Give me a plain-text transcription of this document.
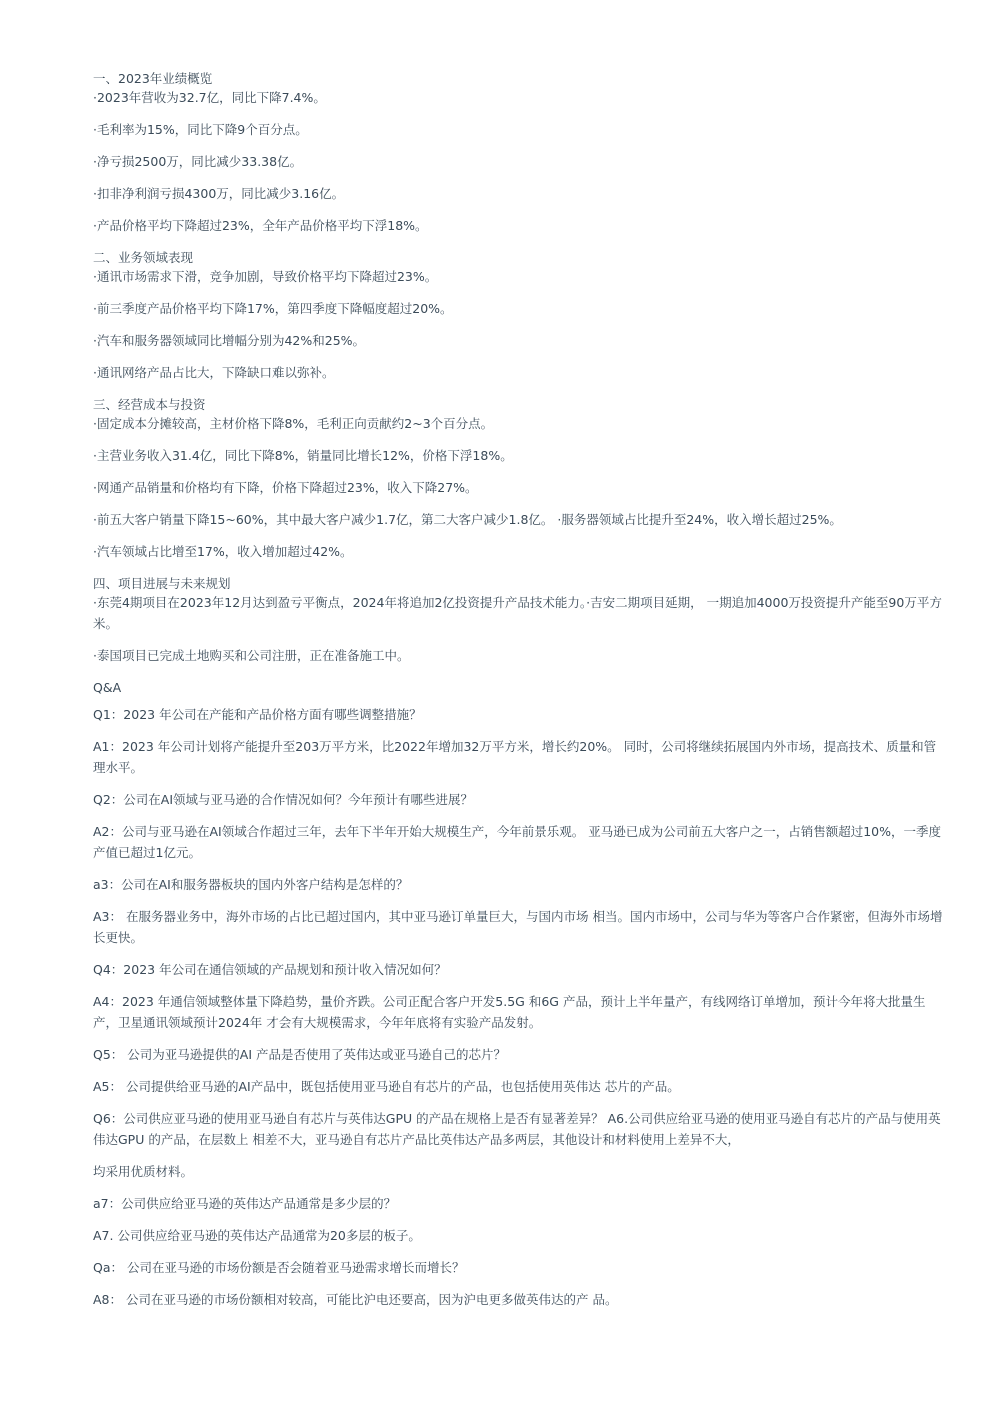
一、2023年业绩概览
·2023年营收为32.7亿，同比下降7.4%。
·毛利率为15%，同比下降9个百分点。
·净亏损2500万，同比减少33.38亿。
·扣非净利润亏损4300万，同比减少3.16亿。
·产品价格平均下降超过23%，全年产品价格平均下浮18%。
二、业务领域表现
·通讯市场需求下滑，竞争加剧，导致价格平均下降超过23%。
·前三季度产品价格平均下降17%，第四季度下降幅度超过20%。
·汽车和服务器领域同比增幅分别为42%和25%。
·通讯网络产品占比大，下降缺口难以弥补。
三、经营成本与投资
·固定成本分摊较高，主材价格下降8%，毛利正向贡献约2~3个百分点。
·主营业务收入31.4亿，同比下降8%，销量同比增长12%，价格下浮18%。
·网通产品销量和价格均有下降，价格下降超过23%，收入下降27%。
·前五大客户销量下降15~60%，其中最大客户减少1.7亿，第二大客户减少1.8亿。 ·服务器领域占比提升至24%，收入增长超过25%。
·汽车领域占比增至17%，收入增加超过42%。
四、项目进展与未来规划
·东莞4期项目在2023年12月达到盈亏平衡点，2024年将追加2亿投资提升产品技术能力。·吉安二期项目延期， 一期追加4000万投资提升产能至90万平方米。
·泰国项目已完成土地购买和公司注册，正在准备施工中。
Q&A
Q1：2023 年公司在产能和产品价格方面有哪些调整措施？
A1：2023 年公司计划将产能提升至203万平方米，比2022年增加32万平方米，增长约20%。 同时，公司将继续拓展国内外市场，提高技术、质量和管理水平。
Q2：公司在AI领域与亚马逊的合作情况如何？今年预计有哪些进展？
A2：公司与亚马逊在AI领域合作超过三年，去年下半年开始大规模生产，今年前景乐观。 亚马逊已成为公司前五大客户之一，占销售额超过10%，一季度产值已超过1亿元。
a3：公司在AI和服务器板块的国内外客户结构是怎样的？
A3： 在服务器业务中，海外市场的占比已超过国内，其中亚马逊订单量巨大，与国内市场 相当。国内市场中，公司与华为等客户合作紧密，但海外市场增长更快。
Q4：2023 年公司在通信领域的产品规划和预计收入情况如何？
A4：2023 年通信领域整体量下降趋势，量价齐跌。公司正配合客户开发5.5G 和6G 产品，预计上半年量产，有线网络订单增加，预计今年将大批量生产，卫星通讯领域预计2024年 才会有大规模需求，今年年底将有实验产品发射。
Q5： 公司为亚马逊提供的AI 产品是否使用了英伟达或亚马逊自己的芯片？
A5： 公司提供给亚马逊的AI产品中，既包括使用亚马逊自有芯片的产品，也包括使用英伟达 芯片的产品。
Q6：公司供应亚马逊的使用亚马逊自有芯片与英伟达GPU 的产品在规格上是否有显著差异？ A6.公司供应给亚马逊的使用亚马逊自有芯片的产品与使用英伟达GPU 的产品，在层数上 相差不大，亚马逊自有芯片产品比英伟达产品多两层，其他设计和材料使用上差异不大，
均采用优质材料。
a7：公司供应给亚马逊的英伟达产品通常是多少层的？
A7. 公司供应给亚马逊的英伟达产品通常为20多层的板子。
Qa： 公司在亚马逊的市场份额是否会随着亚马逊需求增长而增长？
A8： 公司在亚马逊的市场份额相对较高，可能比沪电还要高，因为沪电更多做英伟达的产 品。
